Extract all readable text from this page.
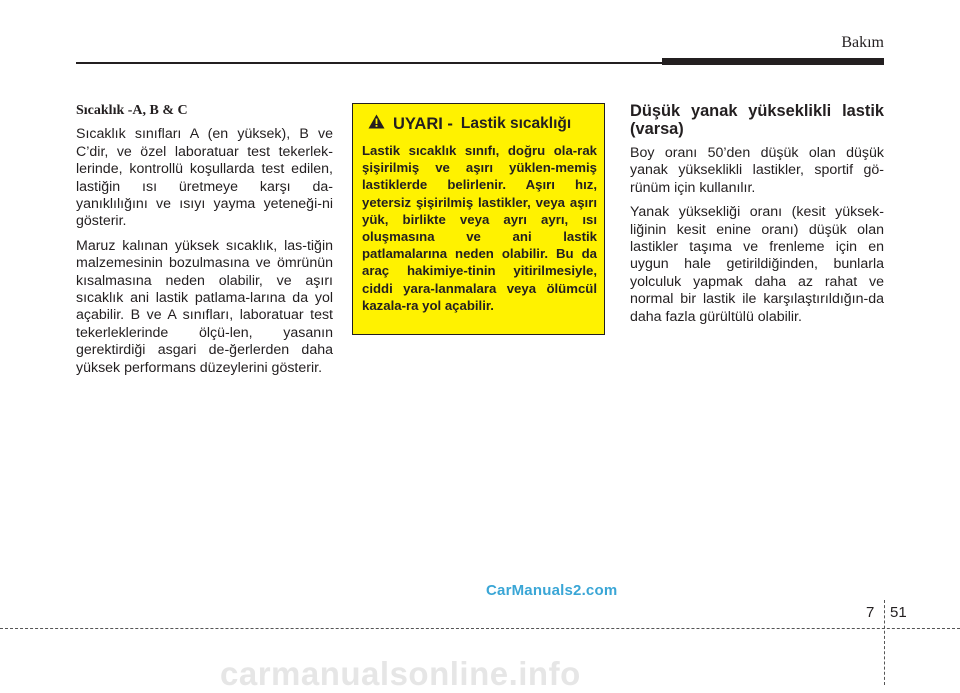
Bakım

Sıcaklık -A, B & C

Sıcaklık sınıfları A (en yüksek), B ve C’dir, ve özel laboratuar test tekerlek-lerinde, kontrollü koşullarda test edilen, lastiğin ısı üretmeye karşı da-yanıklılığını ve ısıyı yayma yeteneği-ni gösterir.

Maruz kalınan yüksek sıcaklık, las-tiğin malzemesinin bozulmasına ve ömrünün kısalmasına neden olabilir, ve aşırı sıcaklık ani lastik patlama-larına da yol açabilir. B ve A sınıfları, laboratuar test tekerleklerinde ölçü-len, yasanın gerektirdiği asgari de-ğerlerden daha yüksek performans düzeylerini gösterir.

UYARI - Lastik sıcaklığı

Lastik sıcaklık sınıfı, doğru ola-rak şişirilmiş ve aşırı yüklen-memiş lastiklerde belirlenir. Aşırı hız, yetersiz şişirilmiş lastikler, veya aşırı yük, birlikte veya ayrı ayrı, ısı oluşmasına ve ani lastik patlamalarına neden olabilir. Bu da araç hakimiye-tinin yitirilmesiyle, ciddi yara-lanmalara veya ölümcül kazala-ra yol açabilir.

Düşük yanak yükseklikli lastik (varsa)

Boy oranı 50’den düşük olan düşük yanak yükseklikli lastikler, sportif gö-rünüm için kullanılır.

Yanak yüksekliği oranı (kesit yüksek-liğinin kesit enine oranı) düşük olan lastikler taşıma ve frenleme için en uygun hale getirildiğinden, bunlarla yolculuk yapmak daha az rahat ve normal bir lastik ile karşılaştırıldığın-da daha fazla gürültülü olabilir.

CarManuals2.com
7 51
carmanualsonline.info
